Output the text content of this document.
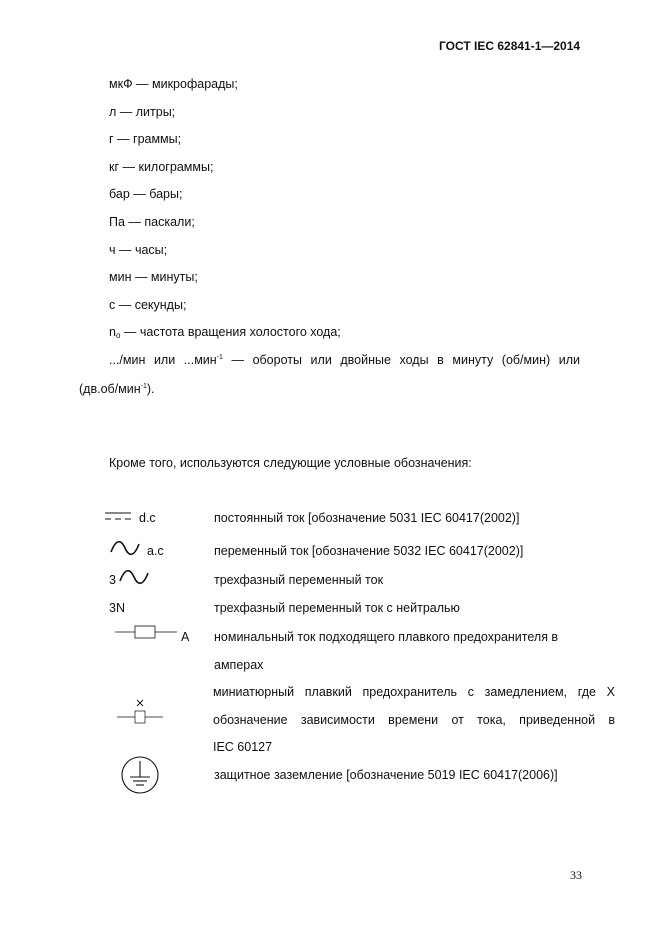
ГОСТ IEC 62841-1—2014
мкФ — микрофарады;
л — литры;
г — граммы;
кг — килограммы;
бар — бары;
Па — паскали;
ч — часы;
мин — минуты;
с — секунды;
$n_o$ — частота вращения холостого хода;
.../мин или ...мин$^{-1}$ — обороты или двойные ходы в минуту (об/мин) или
(дв.об/мин$^{-1}$).
Кроме того, используются следующие условные обозначения:
d.c	постоянный ток [обозначение 5031 IEC 60417(2002)]
a.c	переменный ток [обозначение 5032 IEC 60417(2002)]
3	трехфазный переменный ток
3N	трехфазный переменный ток с нейтралью
A номинальный ток подходящего плавкого предохранителя в
амперах
миниатюрный плавкий предохранитель с замедлением, где X
обозначение зависимости времени от тока, приведенной в
IEC 60127
защитное заземление [обозначение 5019 IEC 60417(2006)]
33
